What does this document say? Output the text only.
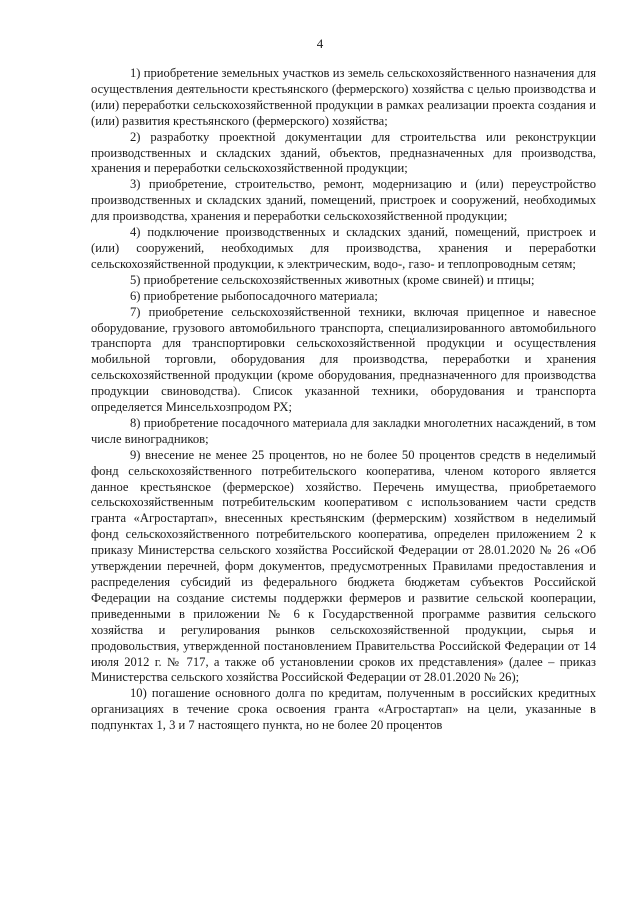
4

1) приобретение земельных участков из земель сельскохозяйственного назначения для осуществления деятельности крестьянского (фермерского) хозяйства с целью производства и (или) переработки сельскохозяйственной продукции в рамках реализации проекта создания и (или) развития крестьянского (фермерского) хозяйства;

2) разработку проектной документации для строительства или реконструкции производственных и складских зданий, объектов, предназначенных для производства, хранения и переработки сельскохозяйственной продукции;

3) приобретение, строительство, ремонт, модернизацию и (или) переустройство производственных и складских зданий, помещений, пристроек и сооружений, необходимых для производства, хранения и переработки сельскохозяйственной продукции;

4) подключение производственных и складских зданий, помещений, пристроек и (или) сооружений, необходимых для производства, хранения и переработки сельскохозяйственной продукции, к электрическим, водо-, газо- и теплопроводным сетям;

5) приобретение сельскохозяйственных животных (кроме свиней) и птицы;

6) приобретение рыбопосадочного материала;

7) приобретение сельскохозяйственной техники, включая прицепное и навесное оборудование, грузового автомобильного транспорта, специализированного автомобильного транспорта для транспортировки сельскохозяйственной продукции и осуществления мобильной торговли, оборудования для производства, переработки и хранения сельскохозяйственной продукции (кроме оборудования, предназначенного для производства продукции свиноводства). Список указанной техники, оборудования и транспорта определяется Минсельхозпродом РХ;

8) приобретение посадочного материала для закладки многолетних насаждений, в том числе виноградников;

9) внесение не менее 25 процентов, но не более 50 процентов средств в неделимый фонд сельскохозяйственного потребительского кооператива, членом которого является данное крестьянское (фермерское) хозяйство. Перечень имущества, приобретаемого сельскохозяйственным потребительским кооперативом с использованием части средств гранта «Агростартап», внесенных крестьянским (фермерским) хозяйством в неделимый фонд сельскохозяйственного потребительского кооператива, определен приложением 2 к приказу Министерства сельского хозяйства Российской Федерации от 28.01.2020 № 26 «Об утверждении перечней, форм документов, предусмотренных Правилами предоставления и распределения субсидий из федерального бюджета бюджетам субъектов Российской Федерации на создание системы поддержки фермеров и развитие сельской кооперации, приведенными в приложении № 6 к Государственной программе развития сельского хозяйства и регулирования рынков сельскохозяйственной продукции, сырья и продовольствия, утвержденной постановлением Правительства Российской Федерации от 14 июля 2012 г. № 717, а также об установлении сроков их представления» (далее – приказ Министерства сельского хозяйства Российской Федерации от 28.01.2020 № 26);

10) погашение основного долга по кредитам, полученным в российских кредитных организациях в течение срока освоения гранта «Агростартап» на цели, указанные в подпунктах 1, 3 и 7 настоящего пункта, но не более 20 процентов
